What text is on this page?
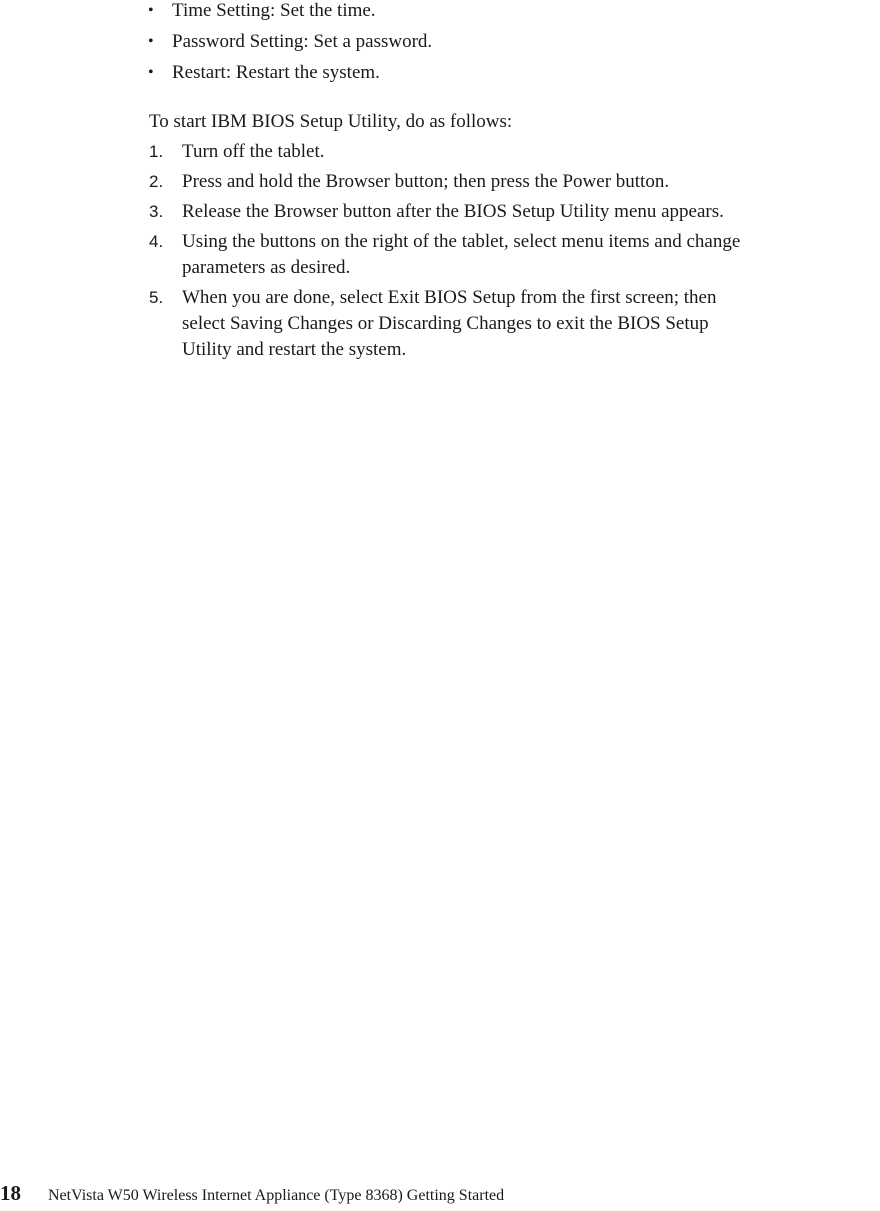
• Time Setting: Set the time.
• Password Setting: Set a password.
• Restart: Restart the system.

To start IBM BIOS Setup Utility, do as follows:

1. Turn off the tablet.
2. Press and hold the Browser button; then press the Power button.
3. Release the Browser button after the BIOS Setup Utility menu appears.
4. Using the buttons on the right of the tablet, select menu items and change
parameters as desired.
5. When you are done, select Exit BIOS Setup from the first screen; then
select Saving Changes or Discarding Changes to exit the BIOS Setup
Utility and restart the system.
18 NetVista W50 Wireless Internet Appliance (Type 8368) Getting Started
